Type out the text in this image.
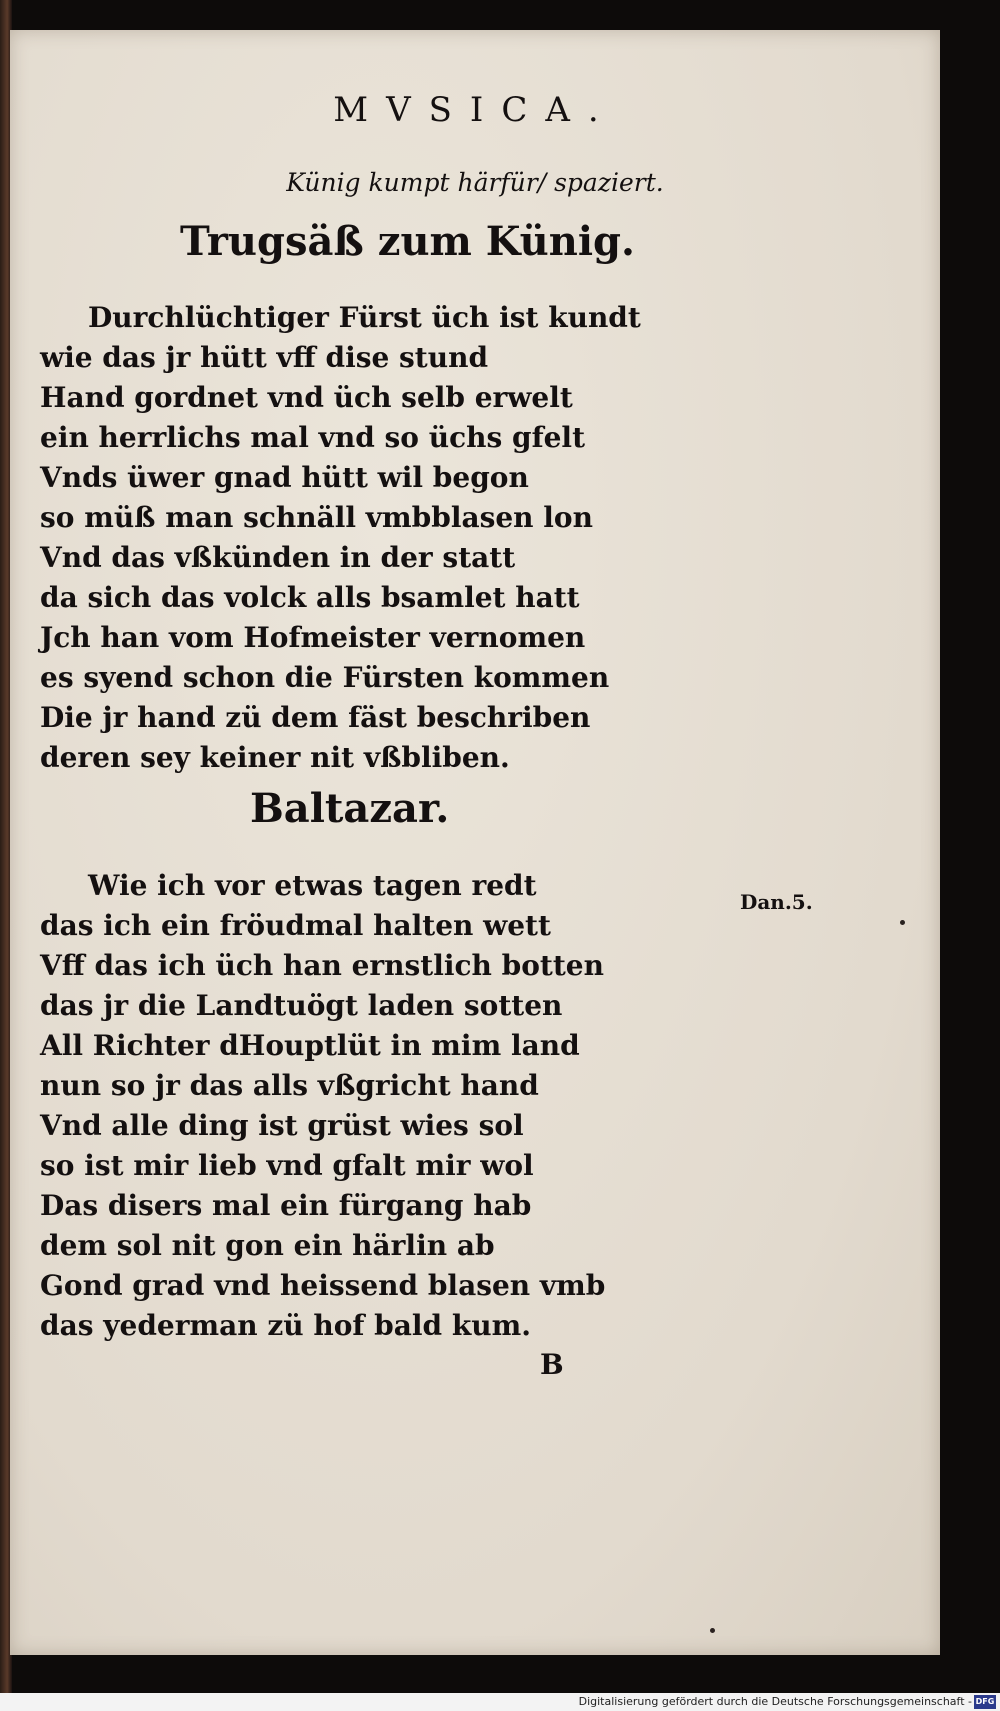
MVSICA.
Künig kumpt härfür/ spaziert.
Trugsäß zum Künig.
Durchlüchtiger Fürst üch ist kundt
wie das jr hütt vff dise stund
Hand gordnet vnd üch selb erwelt
ein herrlichs mal vnd so üchs gfelt
Vnds üwer gnad hütt wil begon
so müß man schnäll vmbblasen lon
Vnd das vßkünden in der statt
da sich das volck alls bsamlet hatt
Jch han vom Hofmeister vernomen
es syend schon die Fürsten kommen
Die jr hand zü dem fäst beschriben
deren sey keiner nit vßbliben.
Baltazar.
Wie ich vor etwas tagen redt
das ich ein fröudmal halten wett
Vff das ich üch han ernstlich botten
das jr die Landtuögt laden sotten
All Richter dHouptlüt in mim land
nun so jr das alls vßgricht hand
Vnd alle ding ist grüst wies sol
so ist mir lieb vnd gfalt mir wol
Das disers mal ein fürgang hab
dem sol nit gon ein härlin ab
Gond grad vnd heissend blasen vmb
das yederman zü hof bald kum.
Dan.5.
B
Digitalisierung gefördert durch die Deutsche Forschungsgemeinschaft - DFG
